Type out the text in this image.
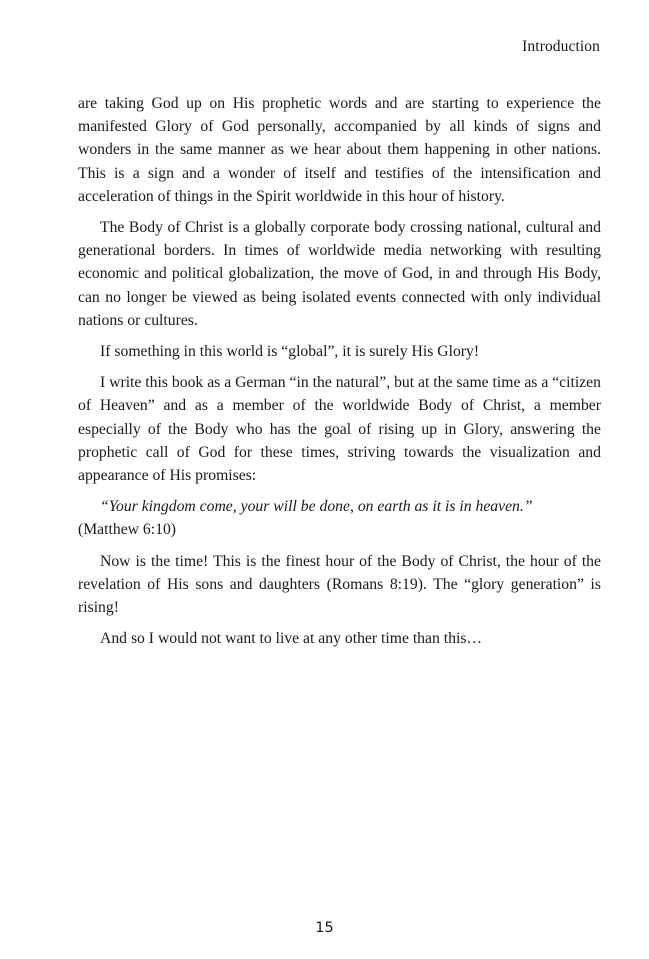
Introduction

are taking God up on His prophetic words and are starting to experience the manifested Glory of God personally, accompanied by all kinds of signs and wonders in the same manner as we hear about them happening in other nations. This is a sign and a wonder of itself and testifies of the intensification and acceleration of things in the Spirit worldwide in this hour of history.

The Body of Christ is a globally corporate body crossing national, cultural and generational borders. In times of worldwide media networking with resulting economic and political globalization, the move of God, in and through His Body, can no longer be viewed as being isolated events connected with only individual nations or cultures.

If something in this world is “global”, it is surely His Glory!

I write this book as a German “in the natural”, but at the same time as a “citizen of Heaven” and as a member of the worldwide Body of Christ, a member especially of the Body who has the goal of rising up in Glory, answering the prophetic call of God for these times, striving towards the visualization and appearance of His promises:

“Your kingdom come, your will be done, on earth as it is in heaven.”
(Matthew 6:10)

Now is the time! This is the finest hour of the Body of Christ, the hour of the revelation of His sons and daughters (Romans 8:19). The “glory generation” is rising!

And so I would not want to live at any other time than this…

15
